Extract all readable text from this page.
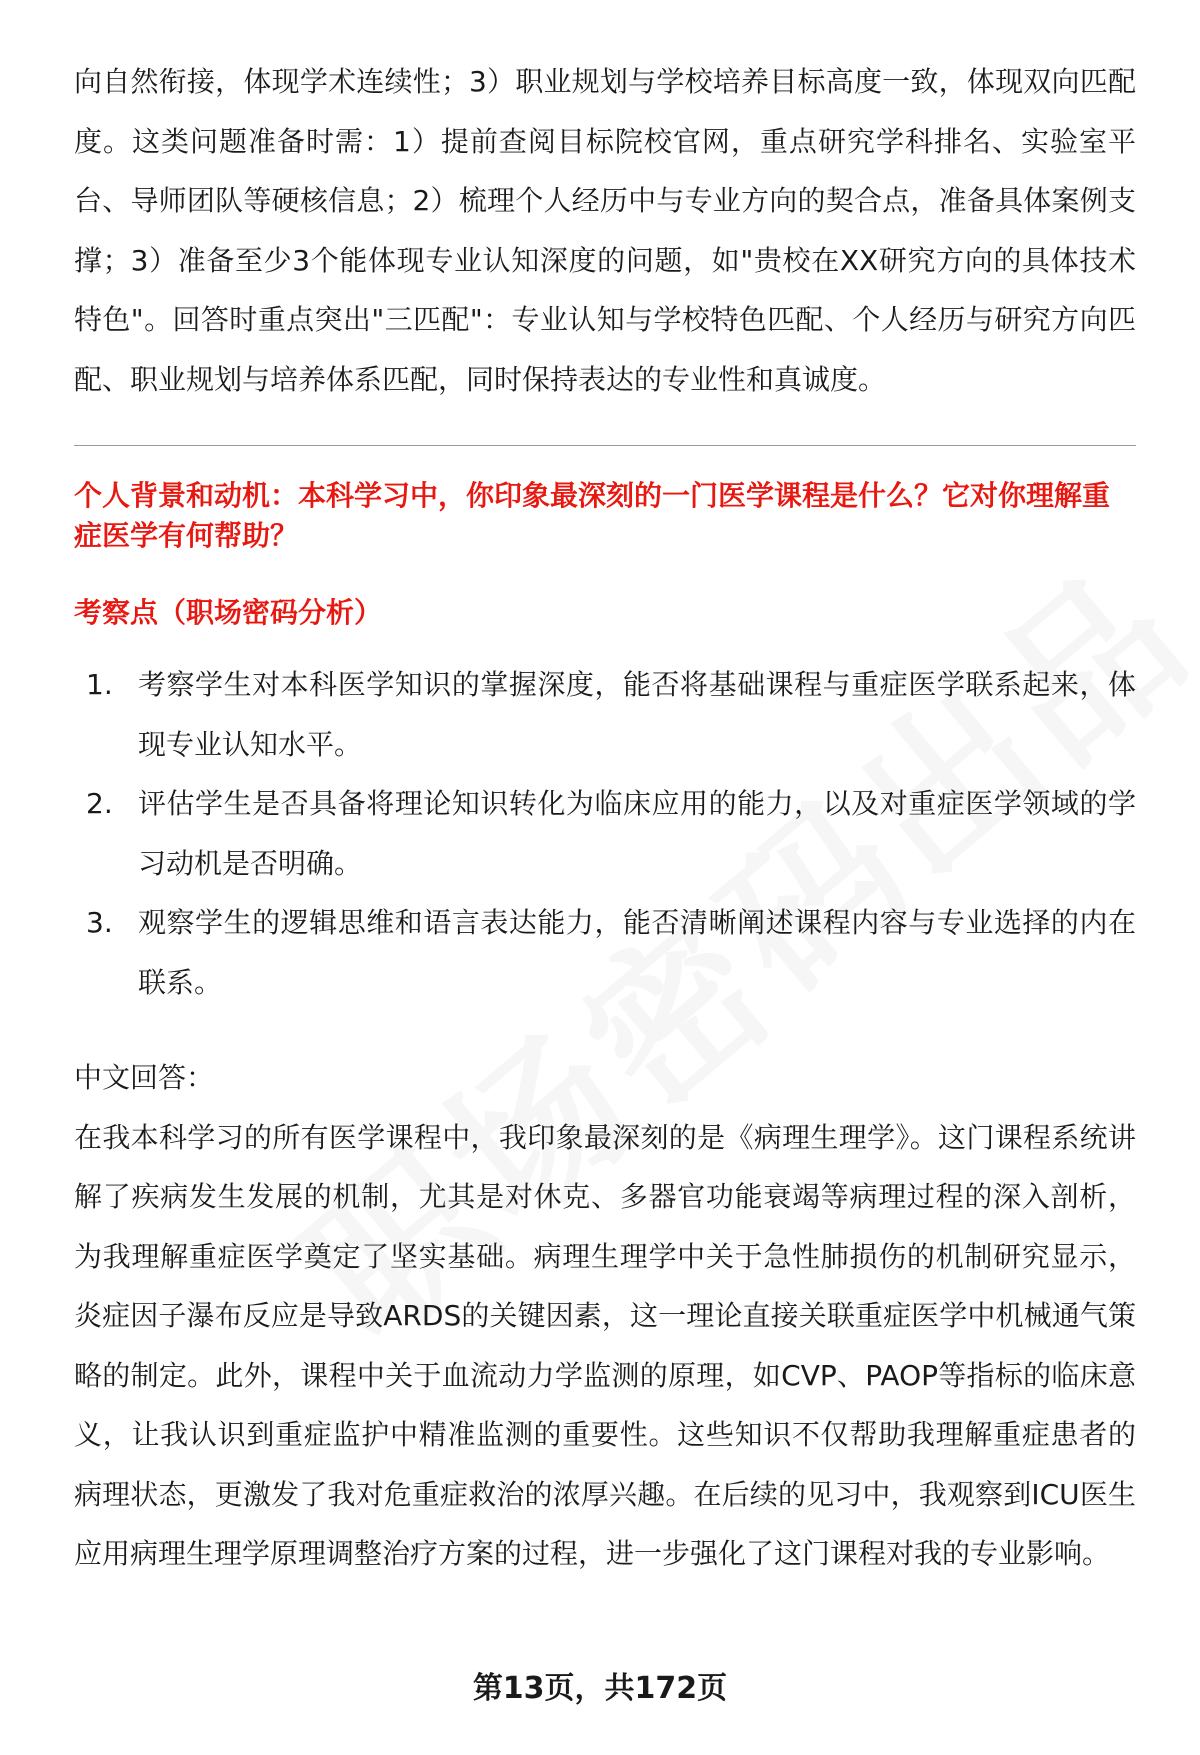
向自然衔接，体现学术连续性；3）职业规划与学校培养目标高度一致，体现双向匹配度。这类问题准备时需：1）提前查阅目标院校官网，重点研究学科排名、实验室平台、导师团队等硬核信息；2）梳理个人经历中与专业方向的契合点，准备具体案例支撑；3）准备至少3个能体现专业认知深度的问题，如"贵校在XX研究方向的具体技术特色"。回答时重点突出"三匹配"：专业认知与学校特色匹配、个人经历与研究方向匹配、职业规划与培养体系匹配，同时保持表达的专业性和真诚度。

个人背景和动机：本科学习中，你印象最深刻的一门医学课程是什么？它对你理解重症医学有何帮助？

考察点（职场密码分析）

1. 考察学生对本科医学知识的掌握深度，能否将基础课程与重症医学联系起来，体现专业认知水平。
2. 评估学生是否具备将理论知识转化为临床应用的能力，以及对重症医学领域的学习动机是否明确。
3. 观察学生的逻辑思维和语言表达能力，能否清晰阐述课程内容与专业选择的内在联系。

中文回答：

在我本科学习的所有医学课程中，我印象最深刻的是《病理生理学》。这门课程系统讲解了疾病发生发展的机制，尤其是对休克、多器官功能衰竭等病理过程的深入剖析，为我理解重症医学奠定了坚实基础。病理生理学中关于急性肺损伤的机制研究显示，炎症因子瀑布反应是导致ARDS的关键因素，这一理论直接关联重症医学中机械通气策略的制定。此外，课程中关于血流动力学监测的原理，如CVP、PAOP等指标的临床意义，让我认识到重症监护中精准监测的重要性。这些知识不仅帮助我理解重症患者的病理状态，更激发了我对危重症救治的浓厚兴趣。在后续的见习中，我观察到ICU医生应用病理生理学原理调整治疗方案的过程，进一步强化了这门课程对我的专业影响。

第13页，共172页
